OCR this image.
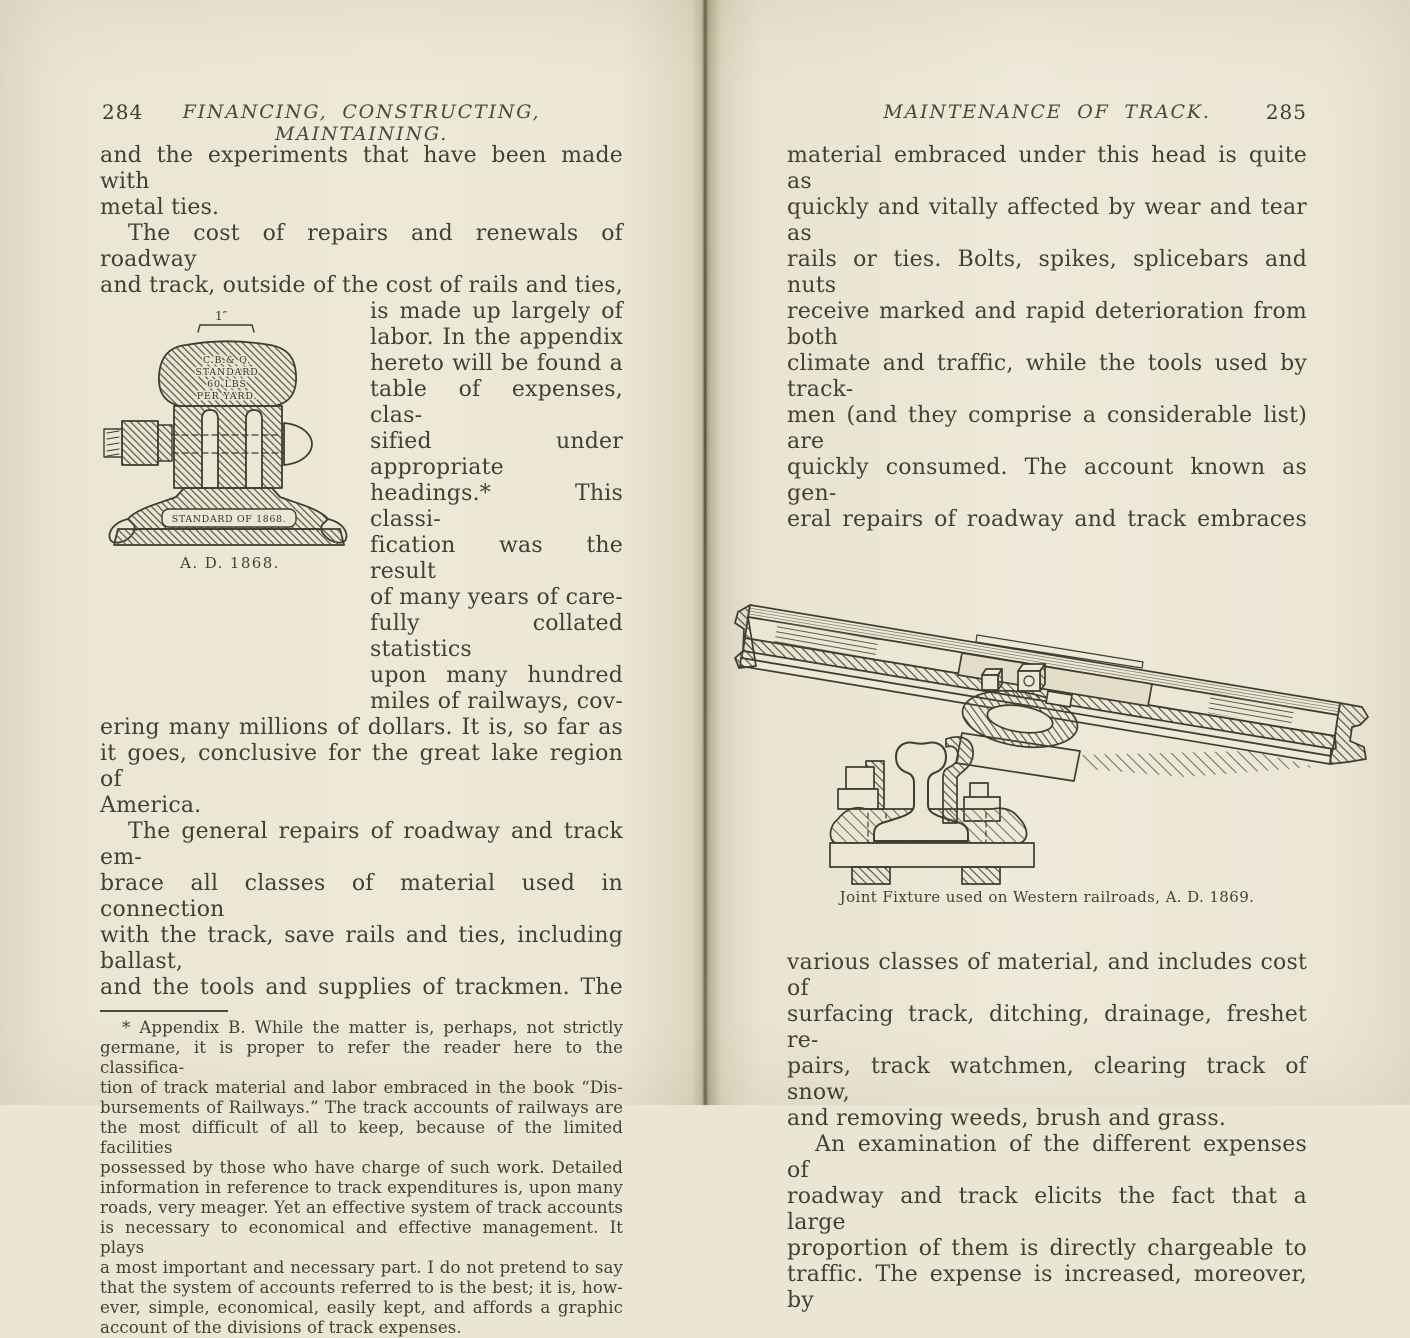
284	FINANCING, CONSTRUCTING, MAINTAINING.
and the experiments that have been made with
metal ties.
The cost of repairs and renewals of roadway
and track, outside of the cost of rails and ties,
1″
C.B.& Q.
STANDARD
60 LBS
PER YARD.
STANDARD OF 1868.
A. D. 1868.
is made up largely of
labor. In the appendix
hereto will be found a
table of expenses, clas-
sified under appropriate
headings.* This classi-
fication was the result
of many years of care-
fully collated statistics
upon many hundred
miles of railways, cov-
ering many millions of dollars. It is, so far as
it goes, conclusive for the great lake region of
America.
The general repairs of roadway and track em-
brace all classes of material used in connection
with the track, save rails and ties, including ballast,
and the tools and supplies of trackmen. The
* Appendix B. While the matter is, perhaps, not strictly
germane, it is proper to refer the reader here to the classifica-
tion of track material and labor embraced in the book “Dis-
bursements of Railways.” The track accounts of railways are
the most difficult of all to keep, because of the limited facilities
possessed by those who have charge of such work. Detailed
information in reference to track expenditures is, upon many
roads, very meager. Yet an effective system of track accounts
is necessary to economical and effective management. It plays
a most important and necessary part. I do not pretend to say
that the system of accounts referred to is the best; it is, how-
ever, simple, economical, easily kept, and affords a graphic
account of the divisions of track expenses.
285
MAINTENANCE OF TRACK.
material embraced under this head is quite as
quickly and vitally affected by wear and tear as
rails or ties. Bolts, spikes, splicebars and nuts
receive marked and rapid deterioration from both
climate and traffic, while the tools used by track-
men (and they comprise a considerable list) are
quickly consumed. The account known as gen-
eral repairs of roadway and track embraces
Joint Fixture used on Western railroads, A. D. 1869.
various classes of material, and includes cost of
surfacing track, ditching, drainage, freshet re-
pairs, track watchmen, clearing track of snow,
and removing weeds, brush and grass.
An examination of the different expenses of
roadway and track elicits the fact that a large
proportion of them is directly chargeable to
traffic. The expense is increased, moreover, by
